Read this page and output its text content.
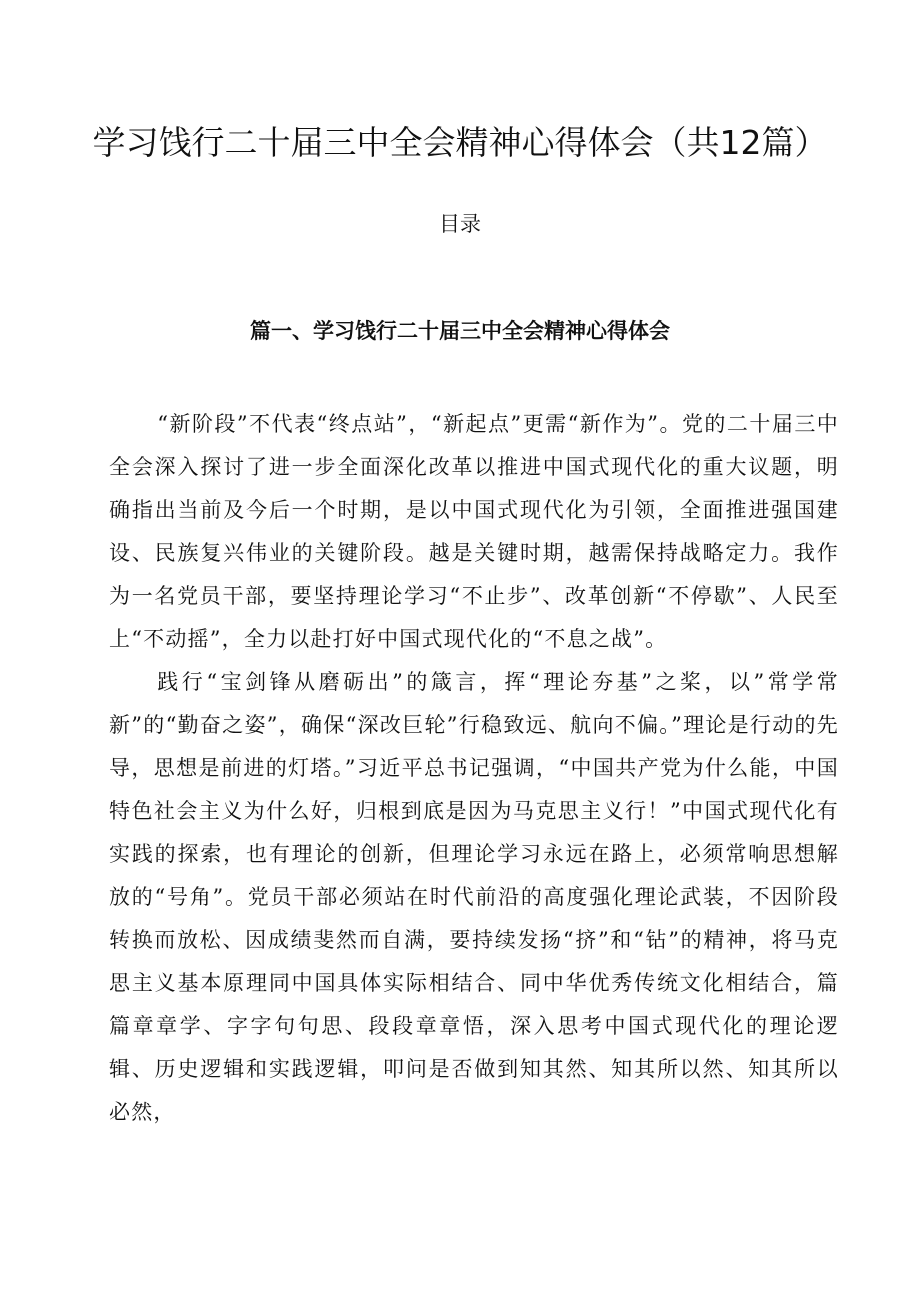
学习饯行二十届三中全会精神心得体会（共12篇）
目录
篇一、学习饯行二十届三中全会精神心得体会

“新阶段”不代表“终点站”，“新起点”更需“新作为”。党的二十届三中全会深入探讨了进一步全面深化改革以推进中国式现代化的重大议题，明确指出当前及今后一个时期，是以中国式现代化为引领，全面推进强国建设、民族复兴伟业的关键阶段。越是关键时期，越需保持战略定力。我作为一名党员干部，要坚持理论学习“不止步”、改革创新“不停歇”、人民至上“不动摇”，全力以赴打好中国式现代化的“不息之战”。

践行“宝剑锋从磨砺出”的箴言，挥“理论夯基”之桨，以”常学常新”的“勤奋之姿”，确保“深改巨轮”行稳致远、航向不偏。”理论是行动的先导，思想是前进的灯塔。”习近平总书记强调，“中国共产党为什么能，中国特色社会主义为什么好，归根到底是因为马克思主义行！”中国式现代化有实践的探索，也有理论的创新，但理论学习永远在路上，必须常响思想解放的“号角”。党员干部必须站在时代前沿的高度强化理论武装，不因阶段转换而放松、因成绩斐然而自满，要持续发扬“挤”和“钻”的精神，将马克思主义基本原理同中国具体实际相结合、同中华优秀传统文化相结合，篇篇章章学、字字句句思、段段章章悟，深入思考中国式现代化的理论逻辑、历史逻辑和实践逻辑，叩问是否做到知其然、知其所以然、知其所以必然，
